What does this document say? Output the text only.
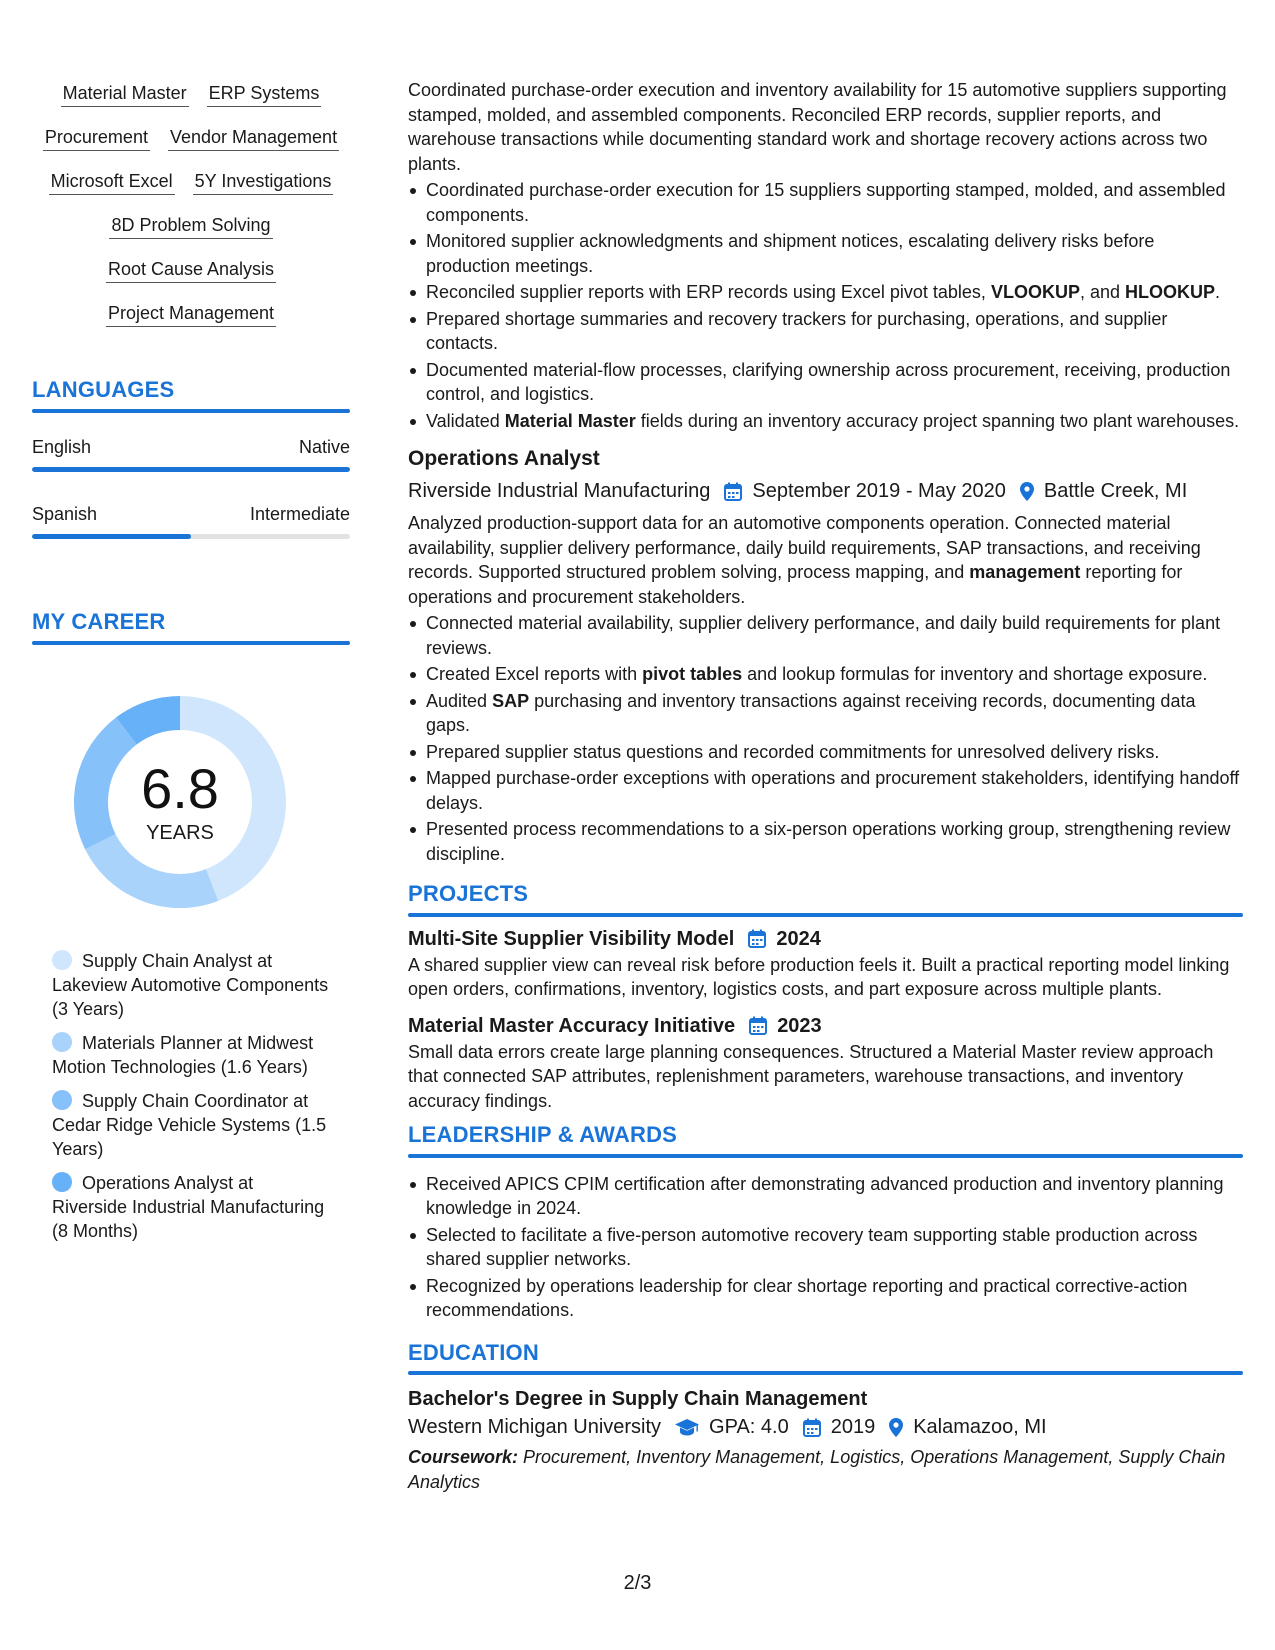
Material Master ERP Systems
Procurement Vendor Management
Microsoft Excel 5Y Investigations
8D Problem Solving
Root Cause Analysis
Project Management
LANGUAGES
English	Native
Spanish	Intermediate
MY CAREER
6.8
YEARS
Supply Chain Analyst at Lakeview Automotive Components (3 Years)
Materials Planner at Midwest Motion Technologies (1.6 Years)
Supply Chain Coordinator at Cedar Ridge Vehicle Systems (1.5 Years)
Operations Analyst at Riverside Industrial Manufacturing (8 Months)
Coordinated purchase-order execution and inventory availability for 15 automotive suppliers supporting stamped, molded, and assembled components. Reconciled ERP records, supplier reports, and warehouse transactions while documenting standard work and shortage recovery actions across two plants.
Coordinated purchase-order execution for 15 suppliers supporting stamped, molded, and assembled components.
Monitored supplier acknowledgments and shipment notices, escalating delivery risks before production meetings.
Reconciled supplier reports with ERP records using Excel pivot tables, VLOOKUP, and HLOOKUP.
Prepared shortage summaries and recovery trackers for purchasing, operations, and supplier contacts.
Documented material-flow processes, clarifying ownership across procurement, receiving, production control, and logistics.
Validated Material Master fields during an inventory accuracy project spanning two plant warehouses.
Operations Analyst
Riverside Industrial Manufacturing September 2019 - May 2020 Battle Creek, MI
Analyzed production-support data for an automotive components operation. Connected material availability, supplier delivery performance, daily build requirements, SAP transactions, and receiving records. Supported structured problem solving, process mapping, and management reporting for operations and procurement stakeholders.
Connected material availability, supplier delivery performance, and daily build requirements for plant reviews.
Created Excel reports with pivot tables and lookup formulas for inventory and shortage exposure.
Audited SAP purchasing and inventory transactions against receiving records, documenting data gaps.
Prepared supplier status questions and recorded commitments for unresolved delivery risks.
Mapped purchase-order exceptions with operations and procurement stakeholders, identifying handoff delays.
Presented process recommendations to a six-person operations working group, strengthening review discipline.
PROJECTS
Multi-Site Supplier Visibility Model 2024
A shared supplier view can reveal risk before production feels it. Built a practical reporting model linking open orders, confirmations, inventory, logistics costs, and part exposure across multiple plants.
Material Master Accuracy Initiative 2023
Small data errors create large planning consequences. Structured a Material Master review approach that connected SAP attributes, replenishment parameters, warehouse transactions, and inventory accuracy findings.
LEADERSHIP & AWARDS
Received APICS CPIM certification after demonstrating advanced production and inventory planning knowledge in 2024.
Selected to facilitate a five-person automotive recovery team supporting stable production across shared supplier networks.
Recognized by operations leadership for clear shortage reporting and practical corrective-action recommendations.
EDUCATION
Bachelor's Degree in Supply Chain Management
Western Michigan University GPA: 4.0 2019 Kalamazoo, MI
Coursework: Procurement, Inventory Management, Logistics, Operations Management, Supply Chain Analytics
2/3
